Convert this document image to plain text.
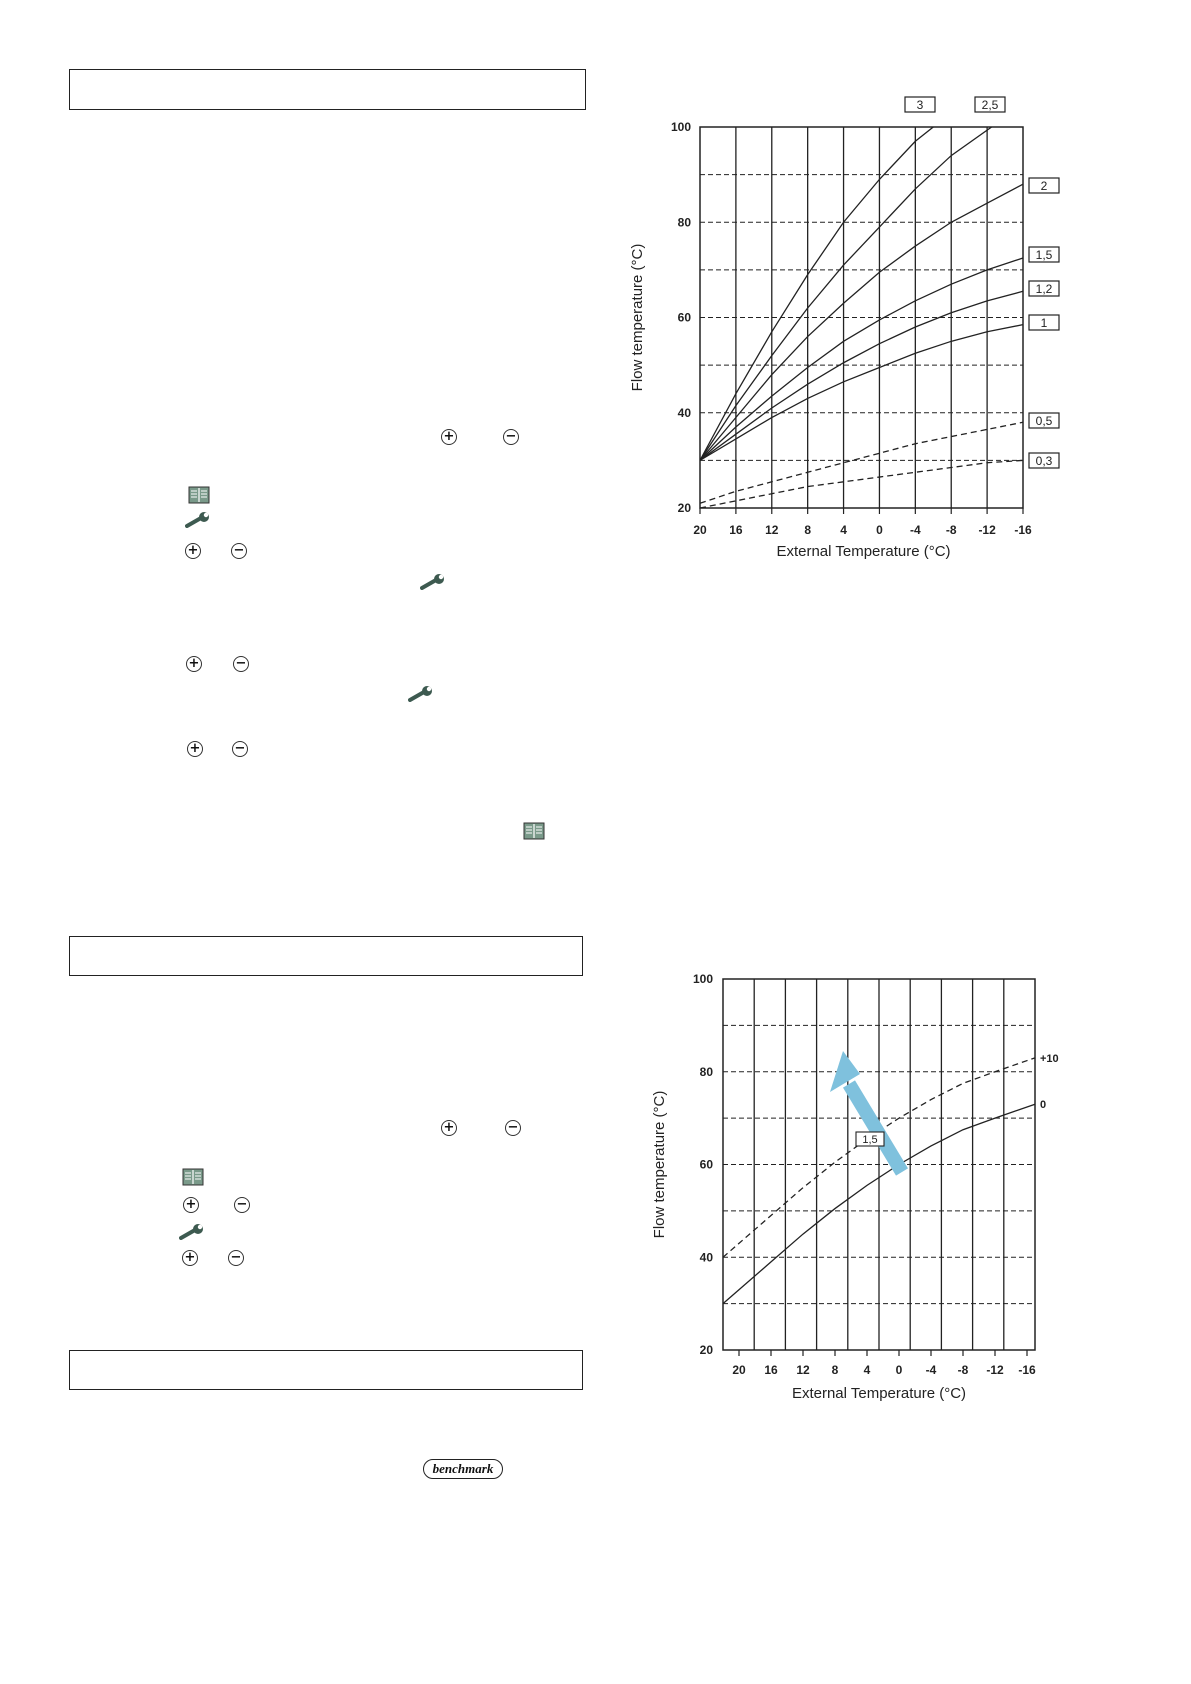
+	−
+	−
+	−
+	−
+	−
+	−
+	−
benchmark
20
40
60
80
100
20 16 12 8 4 0 -4 -8 -12 -16
External Temperature (°C)
Flow temperature (°C)
3	2,5
2
1,5
1,2
1
0,5
0,3
20
40
60
80
100
20 16 12 8 4 0 -4 -8 -12 -16
External Temperature (°C)
Flow temperature (°C)
+10
0
1,5
